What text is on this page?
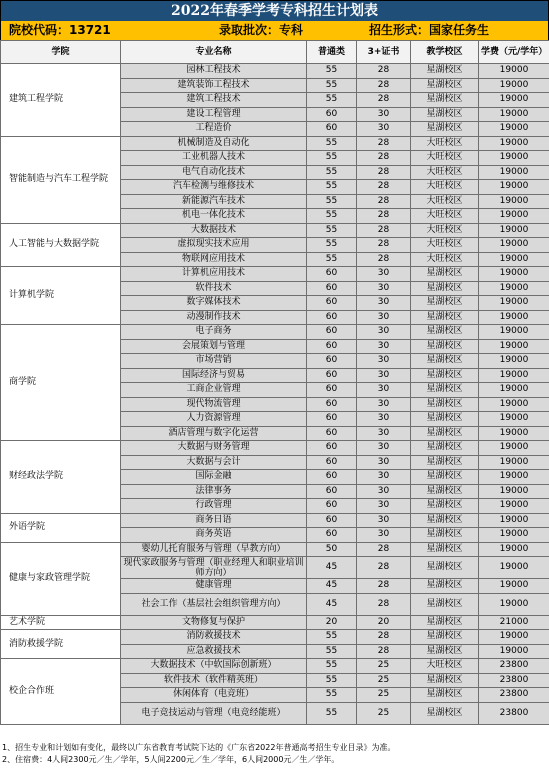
2022年春季学考专科招生计划表
院校代码：13721	录取批次：专科	招生形式：国家任务生
学院	专业名称	普通类	3+证书	教学校区	学费（元/学年）
建筑工程学院	园林工程技术	55	28	星湖校区	19000
	建筑装饰工程技术	55	28	星湖校区	19000
	建筑工程技术	55	28	星湖校区	19000
	建设工程管理	60	30	星湖校区	19000
	工程造价	60	30	星湖校区	19000
智能制造与汽车工程学院	机械制造及自动化	55	28	大旺校区	19000
	工业机器人技术	55	28	大旺校区	19000
	电气自动化技术	55	28	大旺校区	19000
	汽车检测与维修技术	55	28	大旺校区	19000
	新能源汽车技术	55	28	大旺校区	19000
	机电一体化技术	55	28	大旺校区	19000
人工智能与大数据学院	大数据技术	55	28	大旺校区	19000
	虚拟现实技术应用	55	28	大旺校区	19000
	物联网应用技术	55	28	大旺校区	19000
计算机学院	计算机应用技术	60	30	星湖校区	19000
	软件技术	60	30	星湖校区	19000
	数字媒体技术	60	30	星湖校区	19000
	动漫制作技术	60	30	星湖校区	19000
商学院	电子商务	60	30	星湖校区	19000
	会展策划与管理	60	30	星湖校区	19000
	市场营销	60	30	星湖校区	19000
	国际经济与贸易	60	30	星湖校区	19000
	工商企业管理	60	30	星湖校区	19000
	现代物流管理	60	30	星湖校区	19000
	人力资源管理	60	30	星湖校区	19000
	酒店管理与数字化运营	60	30	星湖校区	19000
财经政法学院	大数据与财务管理	60	30	星湖校区	19000
	大数据与会计	60	30	星湖校区	19000
	国际金融	60	30	星湖校区	19000
	法律事务	60	30	星湖校区	19000
	行政管理	60	30	星湖校区	19000
外语学院	商务日语	60	30	星湖校区	19000
	商务英语	60	30	星湖校区	19000
健康与家政管理学院	婴幼儿托育服务与管理（早教方向）	50	28	星湖校区	19000
	现代家政服务与管理（职业经理人和职业培训师方向）	45	28	星湖校区	19000
	健康管理	45	28	星湖校区	19000
	社会工作（基层社会组织管理方向）	45	28	星湖校区	19000
艺术学院	文物修复与保护	20	20	星湖校区	21000
消防救援学院	消防救援技术	55	28	星湖校区	19000
	应急救援技术	55	28	星湖校区	19000
校企合作班	大数据技术（中软国际创新班）	55	25	大旺校区	23800
	软件技术（软件精英班）	55	25	星湖校区	23800
	休闲体育（电竞班）	55	25	星湖校区	23800
	电子竞技运动与管理（电竞经能班）	55	25	星湖校区	23800
1、招生专业和计划如有变化，最终以广东省教育考试院下达的《广东省2022年普通高考招生专业目录》为准。
2、住宿费：4人间2300元／生／学年，5人间2200元／生／学年，6人间2000元／生／学年。
